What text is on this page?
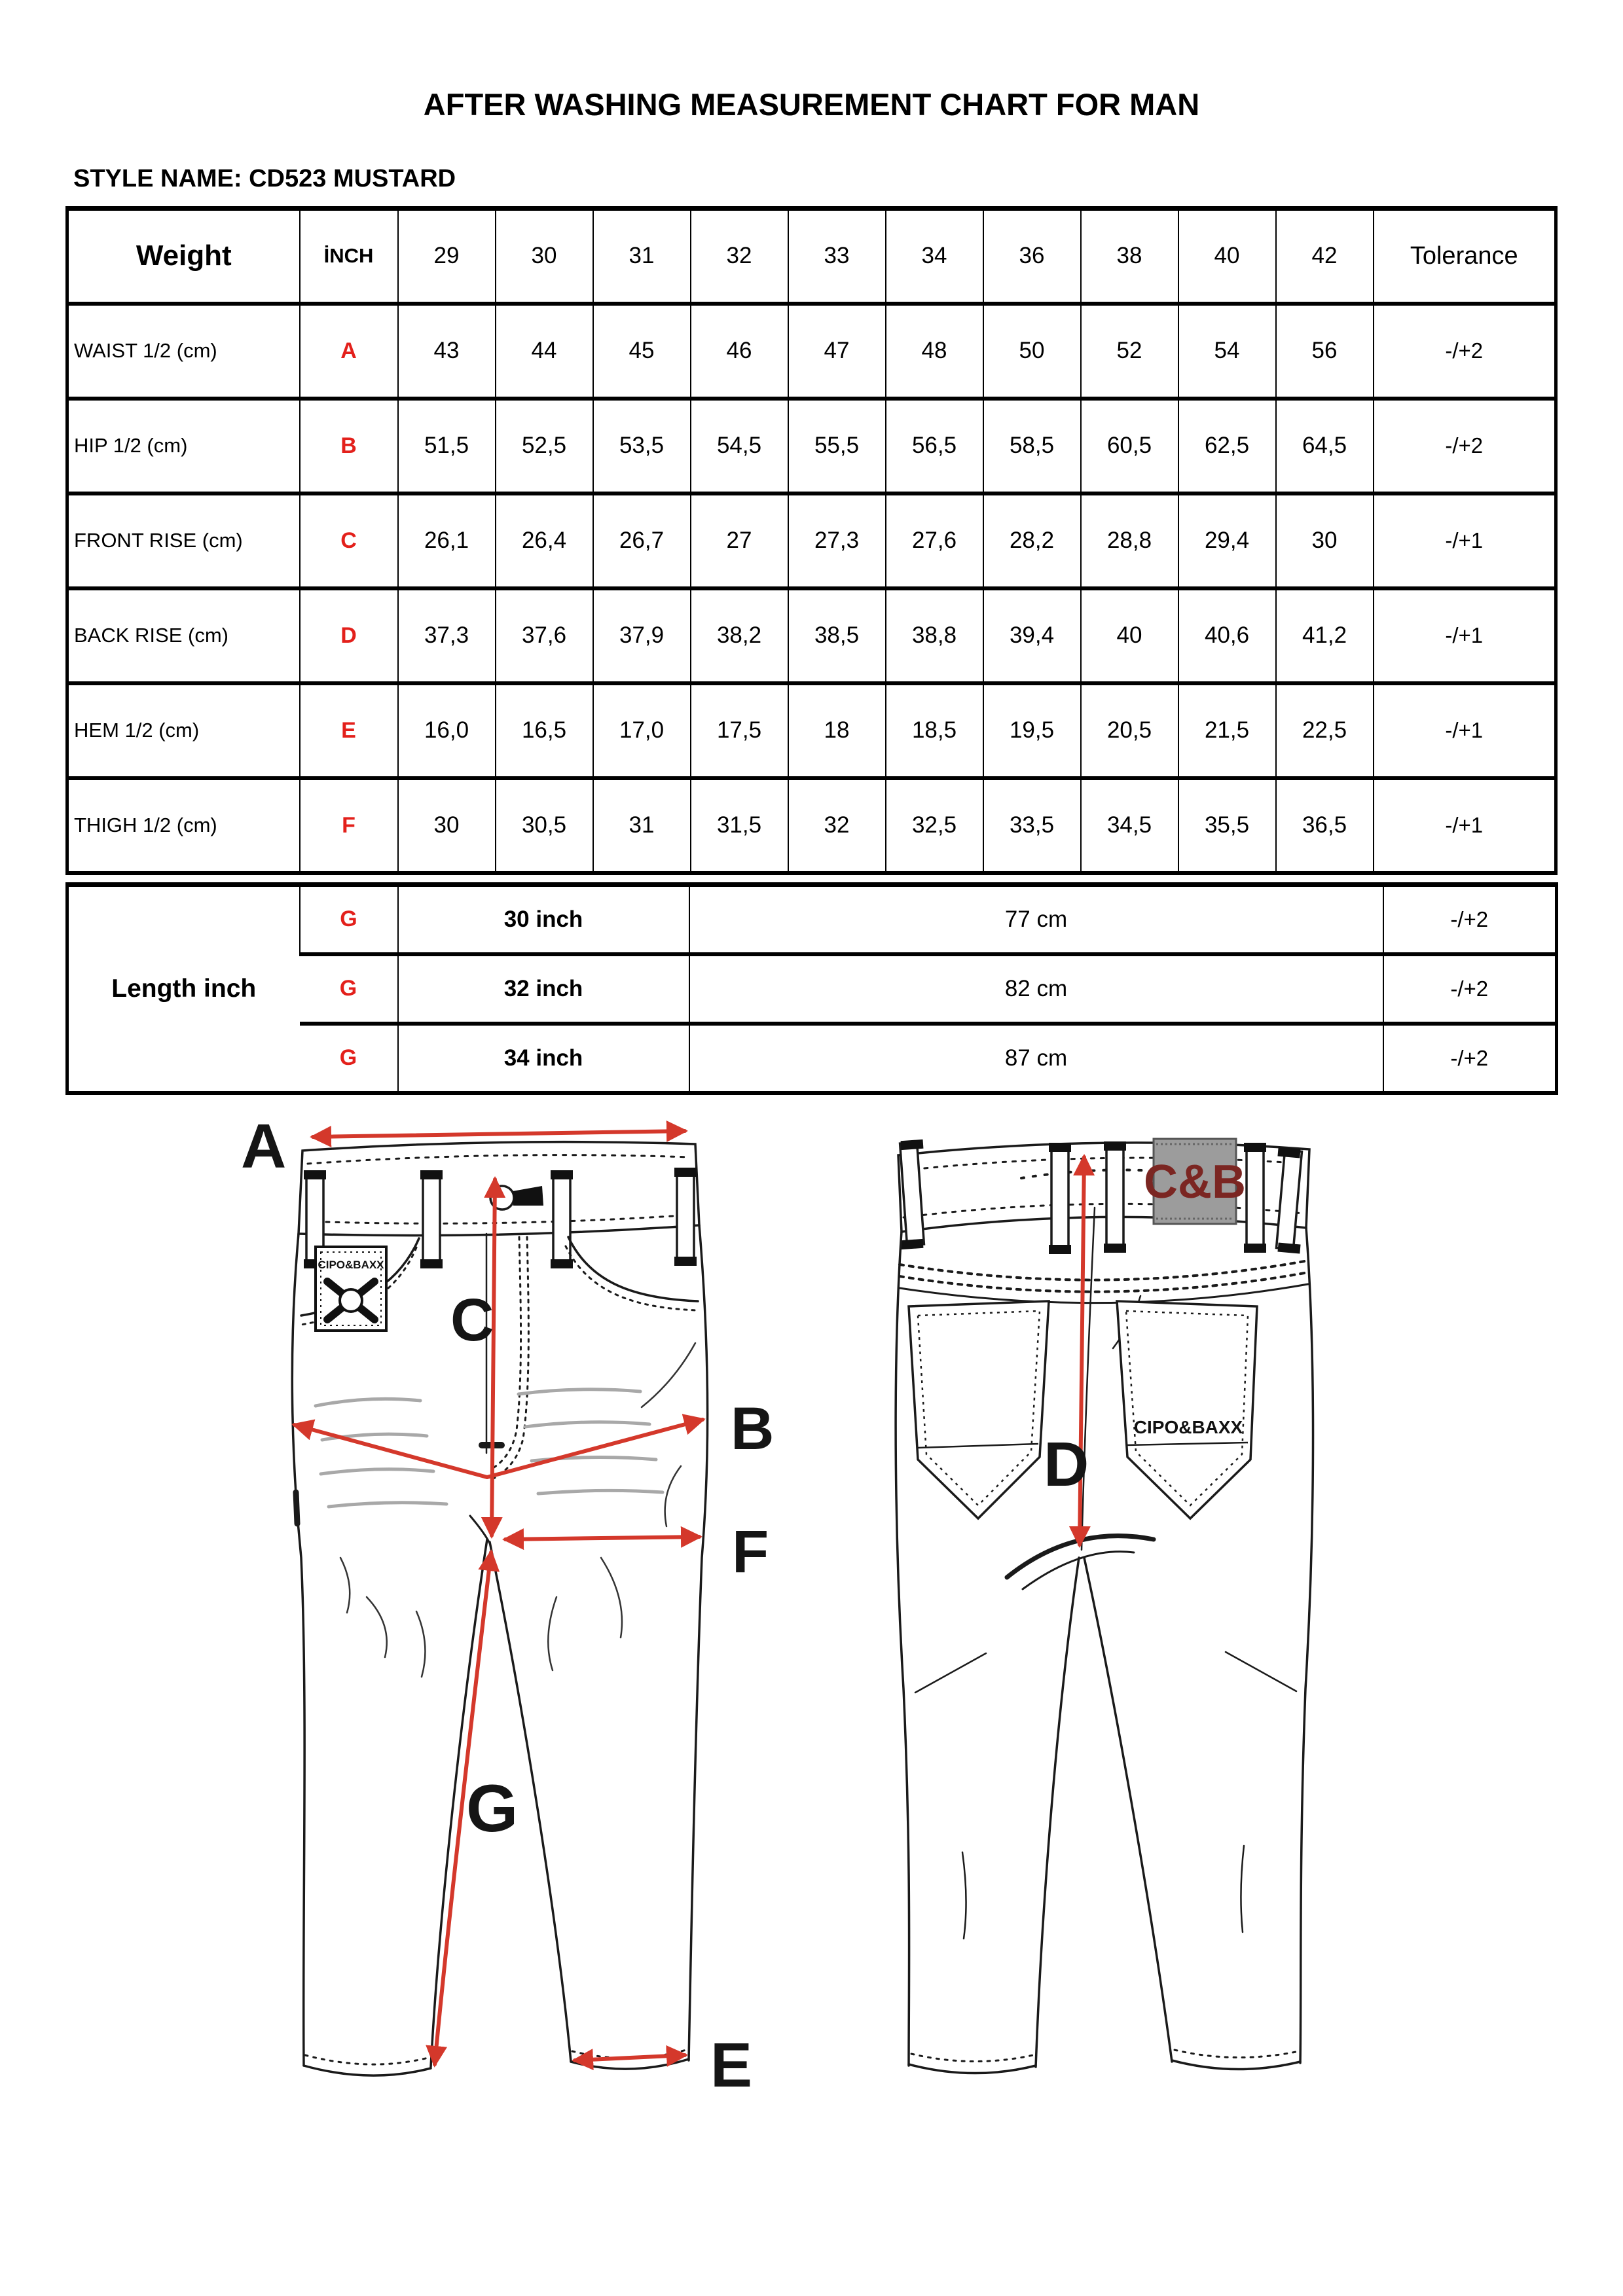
AFTER WASHING MEASUREMENT CHART FOR MAN
STYLE NAME: CD523 MUSTARD
Weight	İNCH	29	30	31	32	33	34	36	38	40	42	Tolerance
WAIST 1/2 (cm)	A	43	44	45	46	47	48	50	52	54	56	-/+2
HIP 1/2 (cm)	B	51,5	52,5	53,5	54,5	55,5	56,5	58,5	60,5	62,5	64,5	-/+2
FRONT RISE (cm)	C	26,1	26,4	26,7	27	27,3	27,6	28,2	28,8	29,4	30	-/+1
BACK RISE (cm)	D	37,3	37,6	37,9	38,2	38,5	38,8	39,4	40	40,6	41,2	-/+1
HEM 1/2 (cm)	E	16,0	16,5	17,0	17,5	18	18,5	19,5	20,5	21,5	22,5	-/+1
THIGH 1/2 (cm)	F	30	30,5	31	31,5	32	32,5	33,5	34,5	35,5	36,5	-/+1
Length inch	G	30 inch	77 cm	-/+2
	G	32 inch	82 cm	-/+2
	G	34 inch	87 cm	-/+2
CIPO&BAXX
A
C
B
F
G
E
CIPO&BAXX
C&B
D
